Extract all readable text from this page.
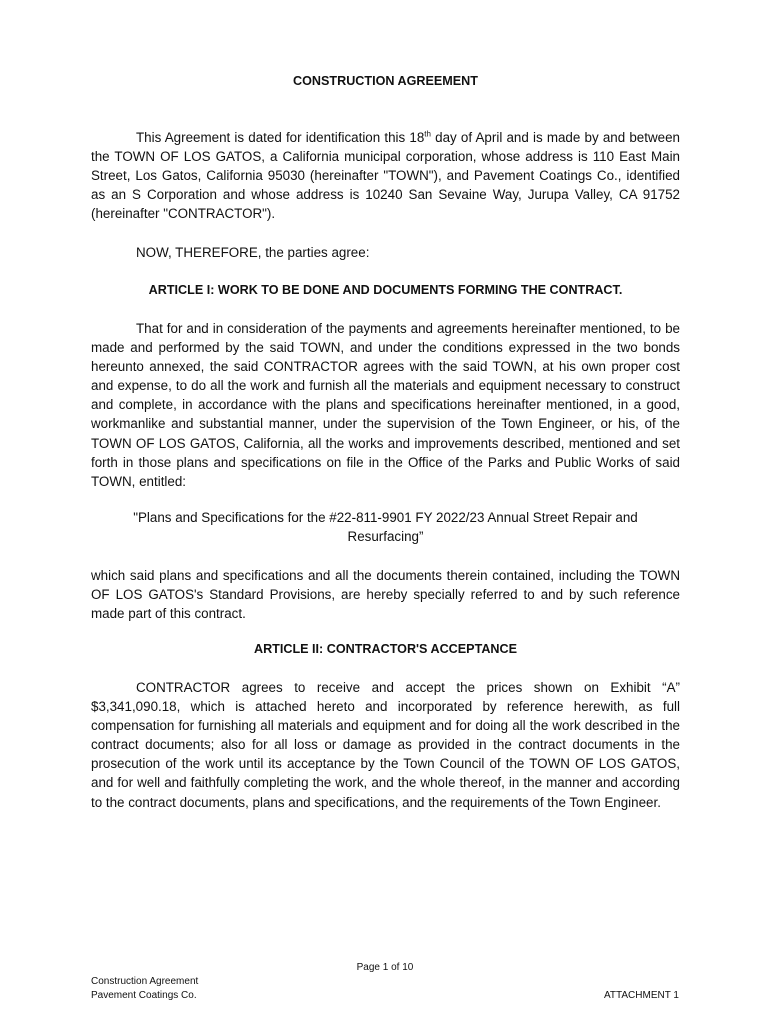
CONSTRUCTION AGREEMENT

This Agreement is dated for identification this 18th day of April and is made by and between the TOWN OF LOS GATOS, a California municipal corporation, whose address is 110 East Main Street, Los Gatos, California 95030 (hereinafter "TOWN"), and Pavement Coatings Co., identified as an S Corporation and whose address is 10240 San Sevaine Way, Jurupa Valley, CA 91752 (hereinafter "CONTRACTOR").

NOW, THEREFORE, the parties agree:

ARTICLE I: WORK TO BE DONE AND DOCUMENTS FORMING THE CONTRACT.

That for and in consideration of the payments and agreements hereinafter mentioned, to be made and performed by the said TOWN, and under the conditions expressed in the two bonds hereunto annexed, the said CONTRACTOR agrees with the said TOWN, at his own proper cost and expense, to do all the work and furnish all the materials and equipment necessary to construct and complete, in accordance with the plans and specifications hereinafter mentioned, in a good, workmanlike and substantial manner, under the supervision of the Town Engineer, or his, of the TOWN OF LOS GATOS, California, all the works and improvements described, mentioned and set forth in those plans and specifications on file in the Office of the Parks and Public Works of said TOWN, entitled:

"Plans and Specifications for the #22-811-9901 FY 2022/23 Annual Street Repair and
Resurfacing”

which said plans and specifications and all the documents therein contained, including the TOWN OF LOS GATOS's Standard Provisions, are hereby specially referred to and by such reference made part of this contract.

ARTICLE II: CONTRACTOR'S ACCEPTANCE

CONTRACTOR agrees to receive and accept the prices shown on Exhibit “A” $3,341,090.18, which is attached hereto and incorporated by reference herewith, as full compensation for furnishing all materials and equipment and for doing all the work described in the contract documents; also for all loss or damage as provided in the contract documents in the prosecution of the work until its acceptance by the Town Council of the TOWN OF LOS GATOS, and for well and faithfully completing the work, and the whole thereof, in the manner and according to the contract documents, plans and specifications, and the requirements of the Town Engineer.

Page 1 of 10
Construction Agreement
Pavement Coatings Co.	ATTACHMENT 1
